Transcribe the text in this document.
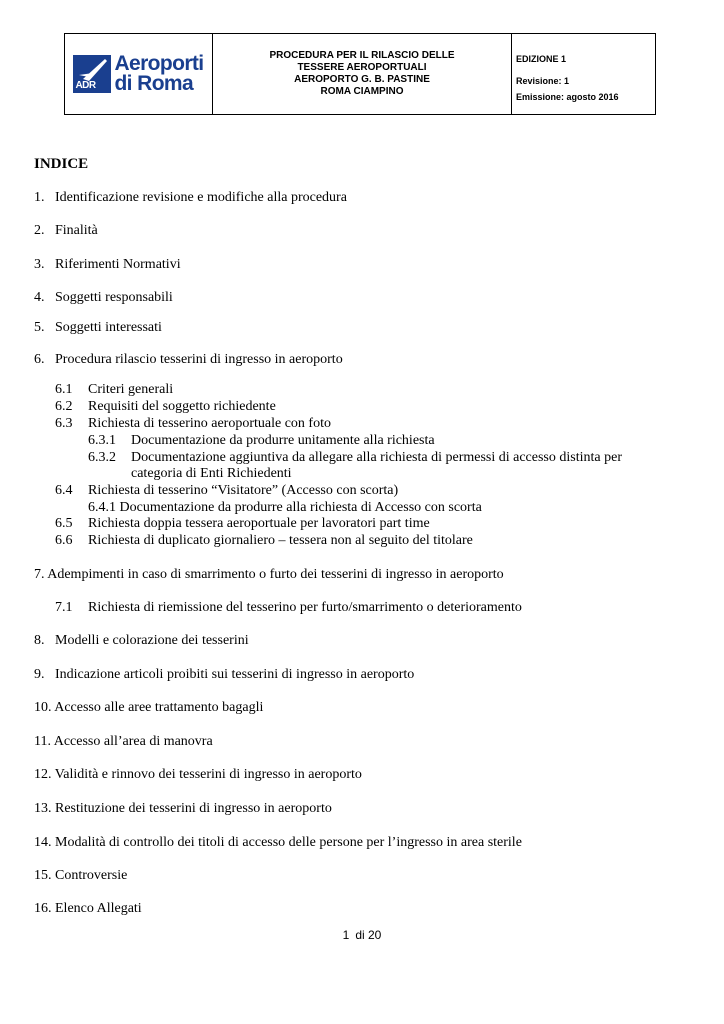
ADR
Aeroporti
di Roma
PROCEDURA PER IL RILASCIO DELLE
TESSERE AEROPORTUALI
AEROPORTO G. B. PASTINE
ROMA CIAMPINO
EDIZIONE 1
Revisione: 1
Emissione: agosto 2016
INDICE
1. Identificazione revisione e modifiche alla procedura
2. Finalità
3. Riferimenti Normativi
4. Soggetti responsabili
5. Soggetti interessati
6. Procedura rilascio tesserini di ingresso in aeroporto
6.1 Criteri generali
6.2 Requisiti del soggetto richiedente
6.3 Richiesta di tesserino aeroportuale con foto
6.3.1 Documentazione da produrre unitamente alla richiesta
6.3.2 Documentazione aggiuntiva da allegare alla richiesta di permessi di accesso distinta per
categoria di Enti Richiedenti
6.4 Richiesta di tesserino “Visitatore” (Accesso con scorta)
6.4.1 Documentazione da produrre alla richiesta di Accesso con scorta
6.5 Richiesta doppia tessera aeroportuale per lavoratori part time
6.6 Richiesta di duplicato giornaliero – tessera non al seguito del titolare
7. Adempimenti in caso di smarrimento o furto dei tesserini di ingresso in aeroporto
7.1 Richiesta di riemissione del tesserino per furto/smarrimento o deterioramento
8. Modelli e colorazione dei tesserini
9. Indicazione articoli proibiti sui tesserini di ingresso in aeroporto
10. Accesso alle aree trattamento bagagli
11. Accesso all’area di manovra
12. Validità e rinnovo dei tesserini di ingresso in aeroporto
13. Restituzione dei tesserini di ingresso in aeroporto
14. Modalità di controllo dei titoli di accesso delle persone per l’ingresso in area sterile
15. Controversie
16. Elenco Allegati
1 di 20
